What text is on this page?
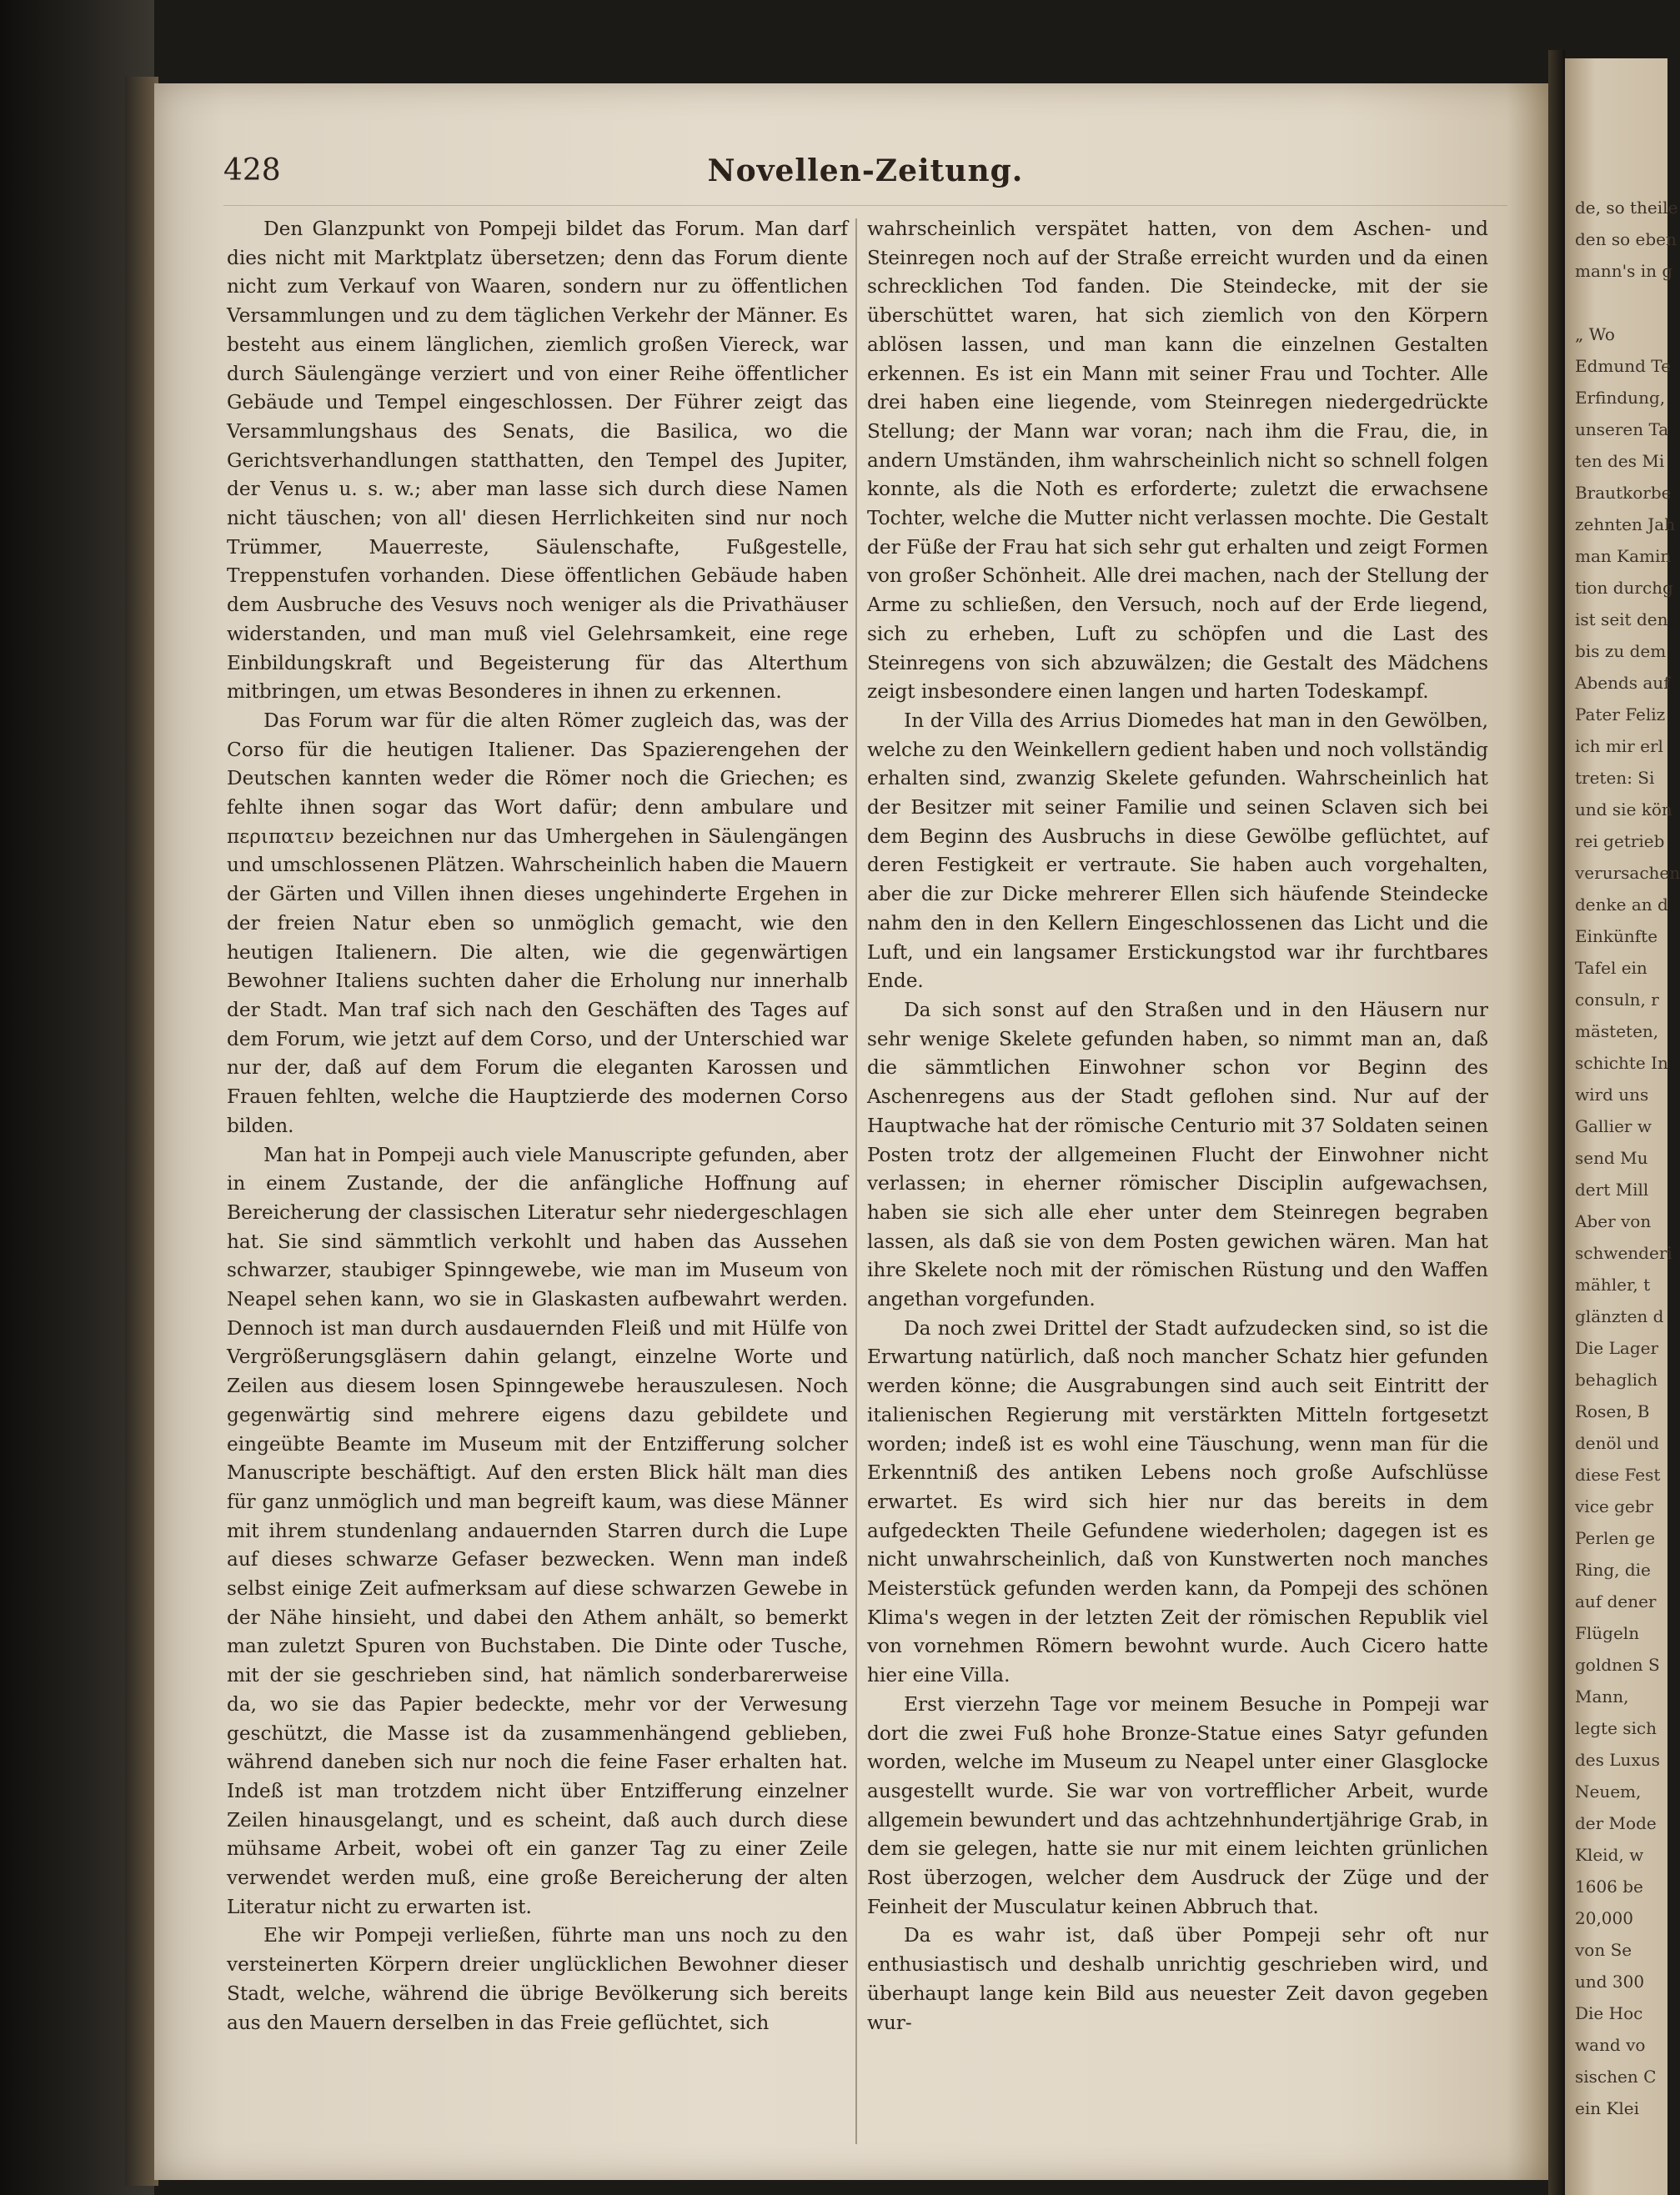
de, so theile
den so eben
mann's in g

„ Wo
Edmund Te
Erfindung,
unseren Ta
ten des Mi
Brautkorbe
zehnten Jah
man Kamin
tion durchg
ist seit den
bis zu dem
Abends auf
Pater Feliz
ich mir erl
treten: Si
und sie kön
rei getrieb
verursachen
denke an d
Einkünfte
Tafel ein
consuln, r
mästeten,
schichte In
wird uns
Gallier w
send Mu
dert Mill
Aber von
schwenderi
mähler, t
glänzten d
Die Lager
behaglich
Rosen, B
denöl und
diese Fest
vice gebr
Perlen ge
Ring, die
auf dener
Flügeln
goldnen S
Mann,
legte sich
des Luxus
Neuem,
der Mode
Kleid, w
1606 be
20,000
von Se
und 300
Die Hoc
wand vo
sischen C
ein Klei
428	Novellen-Zeitung.

Den Glanzpunkt von Pompeji bildet das Forum. Man darf dies nicht mit Marktplatz übersetzen; denn das Forum diente nicht zum Verkauf von Waaren, sondern nur zu öffentlichen Versammlungen und zu dem täglichen Verkehr der Männer. Es besteht aus einem länglichen, ziemlich großen Viereck, war durch Säulengänge verziert und von einer Reihe öffentlicher Gebäude und Tempel eingeschlossen. Der Führer zeigt das Versammlungshaus des Senats, die Basilica, wo die Gerichtsverhandlungen statthatten, den Tempel des Jupiter, der Venus u. s. w.; aber man lasse sich durch diese Namen nicht täuschen; von all' diesen Herrlichkeiten sind nur noch Trümmer, Mauerreste, Säulenschafte, Fußgestelle, Treppenstufen vorhanden. Diese öffentlichen Gebäude haben dem Ausbruche des Vesuvs noch weniger als die Privathäuser widerstanden, und man muß viel Gelehrsamkeit, eine rege Einbildungskraft und Begeisterung für das Alterthum mitbringen, um etwas Besonderes in ihnen zu erkennen.

Das Forum war für die alten Römer zugleich das, was der Corso für die heutigen Italiener. Das Spazierengehen der Deutschen kannten weder die Römer noch die Griechen; es fehlte ihnen sogar das Wort dafür; denn ambulare und περιπατειν bezeichnen nur das Umhergehen in Säulengängen und umschlossenen Plätzen. Wahrscheinlich haben die Mauern der Gärten und Villen ihnen dieses ungehinderte Ergehen in der freien Natur eben so unmöglich gemacht, wie den heutigen Italienern. Die alten, wie die gegenwärtigen Bewohner Italiens suchten daher die Erholung nur innerhalb der Stadt. Man traf sich nach den Geschäften des Tages auf dem Forum, wie jetzt auf dem Corso, und der Unterschied war nur der, daß auf dem Forum die eleganten Karossen und Frauen fehlten, welche die Hauptzierde des modernen Corso bilden.

Man hat in Pompeji auch viele Manuscripte gefunden, aber in einem Zustande, der die anfängliche Hoffnung auf Bereicherung der classischen Literatur sehr niedergeschlagen hat. Sie sind sämmtlich verkohlt und haben das Aussehen schwarzer, staubiger Spinngewebe, wie man im Museum von Neapel sehen kann, wo sie in Glaskasten aufbewahrt werden. Dennoch ist man durch ausdauernden Fleiß und mit Hülfe von Vergrößerungsgläsern dahin gelangt, einzelne Worte und Zeilen aus diesem losen Spinngewebe herauszulesen. Noch gegenwärtig sind mehrere eigens dazu gebildete und eingeübte Beamte im Museum mit der Entzifferung solcher Manuscripte beschäftigt. Auf den ersten Blick hält man dies für ganz unmöglich und man begreift kaum, was diese Männer mit ihrem stundenlang andauernden Starren durch die Lupe auf dieses schwarze Gefaser bezwecken. Wenn man indeß selbst einige Zeit aufmerksam auf diese schwarzen Gewebe in der Nähe hinsieht, und dabei den Athem anhält, so bemerkt man zuletzt Spuren von Buchstaben. Die Dinte oder Tusche, mit der sie geschrieben sind, hat nämlich sonderbarerweise da, wo sie das Papier bedeckte, mehr vor der Verwesung geschützt, die Masse ist da zusammenhängend geblieben, während daneben sich nur noch die feine Faser erhalten hat. Indeß ist man trotzdem nicht über Entzifferung einzelner Zeilen hinausgelangt, und es scheint, daß auch durch diese mühsame Arbeit, wobei oft ein ganzer Tag zu einer Zeile verwendet werden muß, eine große Bereicherung der alten Literatur nicht zu erwarten ist.

Ehe wir Pompeji verließen, führte man uns noch zu den versteinerten Körpern dreier unglücklichen Bewohner dieser Stadt, welche, während die übrige Bevölkerung sich bereits aus den Mauern derselben in das Freie geflüchtet, sich

wahrscheinlich verspätet hatten, von dem Aschen- und Steinregen noch auf der Straße erreicht wurden und da einen schrecklichen Tod fanden. Die Steindecke, mit der sie überschüttet waren, hat sich ziemlich von den Körpern ablösen lassen, und man kann die einzelnen Gestalten erkennen. Es ist ein Mann mit seiner Frau und Tochter. Alle drei haben eine liegende, vom Steinregen niedergedrückte Stellung; der Mann war voran; nach ihm die Frau, die, in andern Umständen, ihm wahrscheinlich nicht so schnell folgen konnte, als die Noth es erforderte; zuletzt die erwachsene Tochter, welche die Mutter nicht verlassen mochte. Die Gestalt der Füße der Frau hat sich sehr gut erhalten und zeigt Formen von großer Schönheit. Alle drei machen, nach der Stellung der Arme zu schließen, den Versuch, noch auf der Erde liegend, sich zu erheben, Luft zu schöpfen und die Last des Steinregens von sich abzuwälzen; die Gestalt des Mädchens zeigt insbesondere einen langen und harten Todeskampf.

In der Villa des Arrius Diomedes hat man in den Gewölben, welche zu den Weinkellern gedient haben und noch vollständig erhalten sind, zwanzig Skelete gefunden. Wahrscheinlich hat der Besitzer mit seiner Familie und seinen Sclaven sich bei dem Beginn des Ausbruchs in diese Gewölbe geflüchtet, auf deren Festigkeit er vertraute. Sie haben auch vorgehalten, aber die zur Dicke mehrerer Ellen sich häufende Steindecke nahm den in den Kellern Eingeschlossenen das Licht und die Luft, und ein langsamer Erstickungstod war ihr furchtbares Ende.

Da sich sonst auf den Straßen und in den Häusern nur sehr wenige Skelete gefunden haben, so nimmt man an, daß die sämmtlichen Einwohner schon vor Beginn des Aschenregens aus der Stadt geflohen sind. Nur auf der Hauptwache hat der römische Centurio mit 37 Soldaten seinen Posten trotz der allgemeinen Flucht der Einwohner nicht verlassen; in eherner römischer Disciplin aufgewachsen, haben sie sich alle eher unter dem Steinregen begraben lassen, als daß sie von dem Posten gewichen wären. Man hat ihre Skelete noch mit der römischen Rüstung und den Waffen angethan vorgefunden.

Da noch zwei Drittel der Stadt aufzudecken sind, so ist die Erwartung natürlich, daß noch mancher Schatz hier gefunden werden könne; die Ausgrabungen sind auch seit Eintritt der italienischen Regierung mit verstärkten Mitteln fortgesetzt worden; indeß ist es wohl eine Täuschung, wenn man für die Erkenntniß des antiken Lebens noch große Aufschlüsse erwartet. Es wird sich hier nur das bereits in dem aufgedeckten Theile Gefundene wiederholen; dagegen ist es nicht unwahrscheinlich, daß von Kunstwerten noch manches Meisterstück gefunden werden kann, da Pompeji des schönen Klima's wegen in der letzten Zeit der römischen Republik viel von vornehmen Römern bewohnt wurde. Auch Cicero hatte hier eine Villa.

Erst vierzehn Tage vor meinem Besuche in Pompeji war dort die zwei Fuß hohe Bronze-Statue eines Satyr gefunden worden, welche im Museum zu Neapel unter einer Glasglocke ausgestellt wurde. Sie war von vortrefflicher Arbeit, wurde allgemein bewundert und das achtzehnhundertjährige Grab, in dem sie gelegen, hatte sie nur mit einem leichten grünlichen Rost überzogen, welcher dem Ausdruck der Züge und der Feinheit der Musculatur keinen Abbruch that.

Da es wahr ist, daß über Pompeji sehr oft nur enthusiastisch und deshalb unrichtig geschrieben wird, und überhaupt lange kein Bild aus neuester Zeit davon gegeben wur-
